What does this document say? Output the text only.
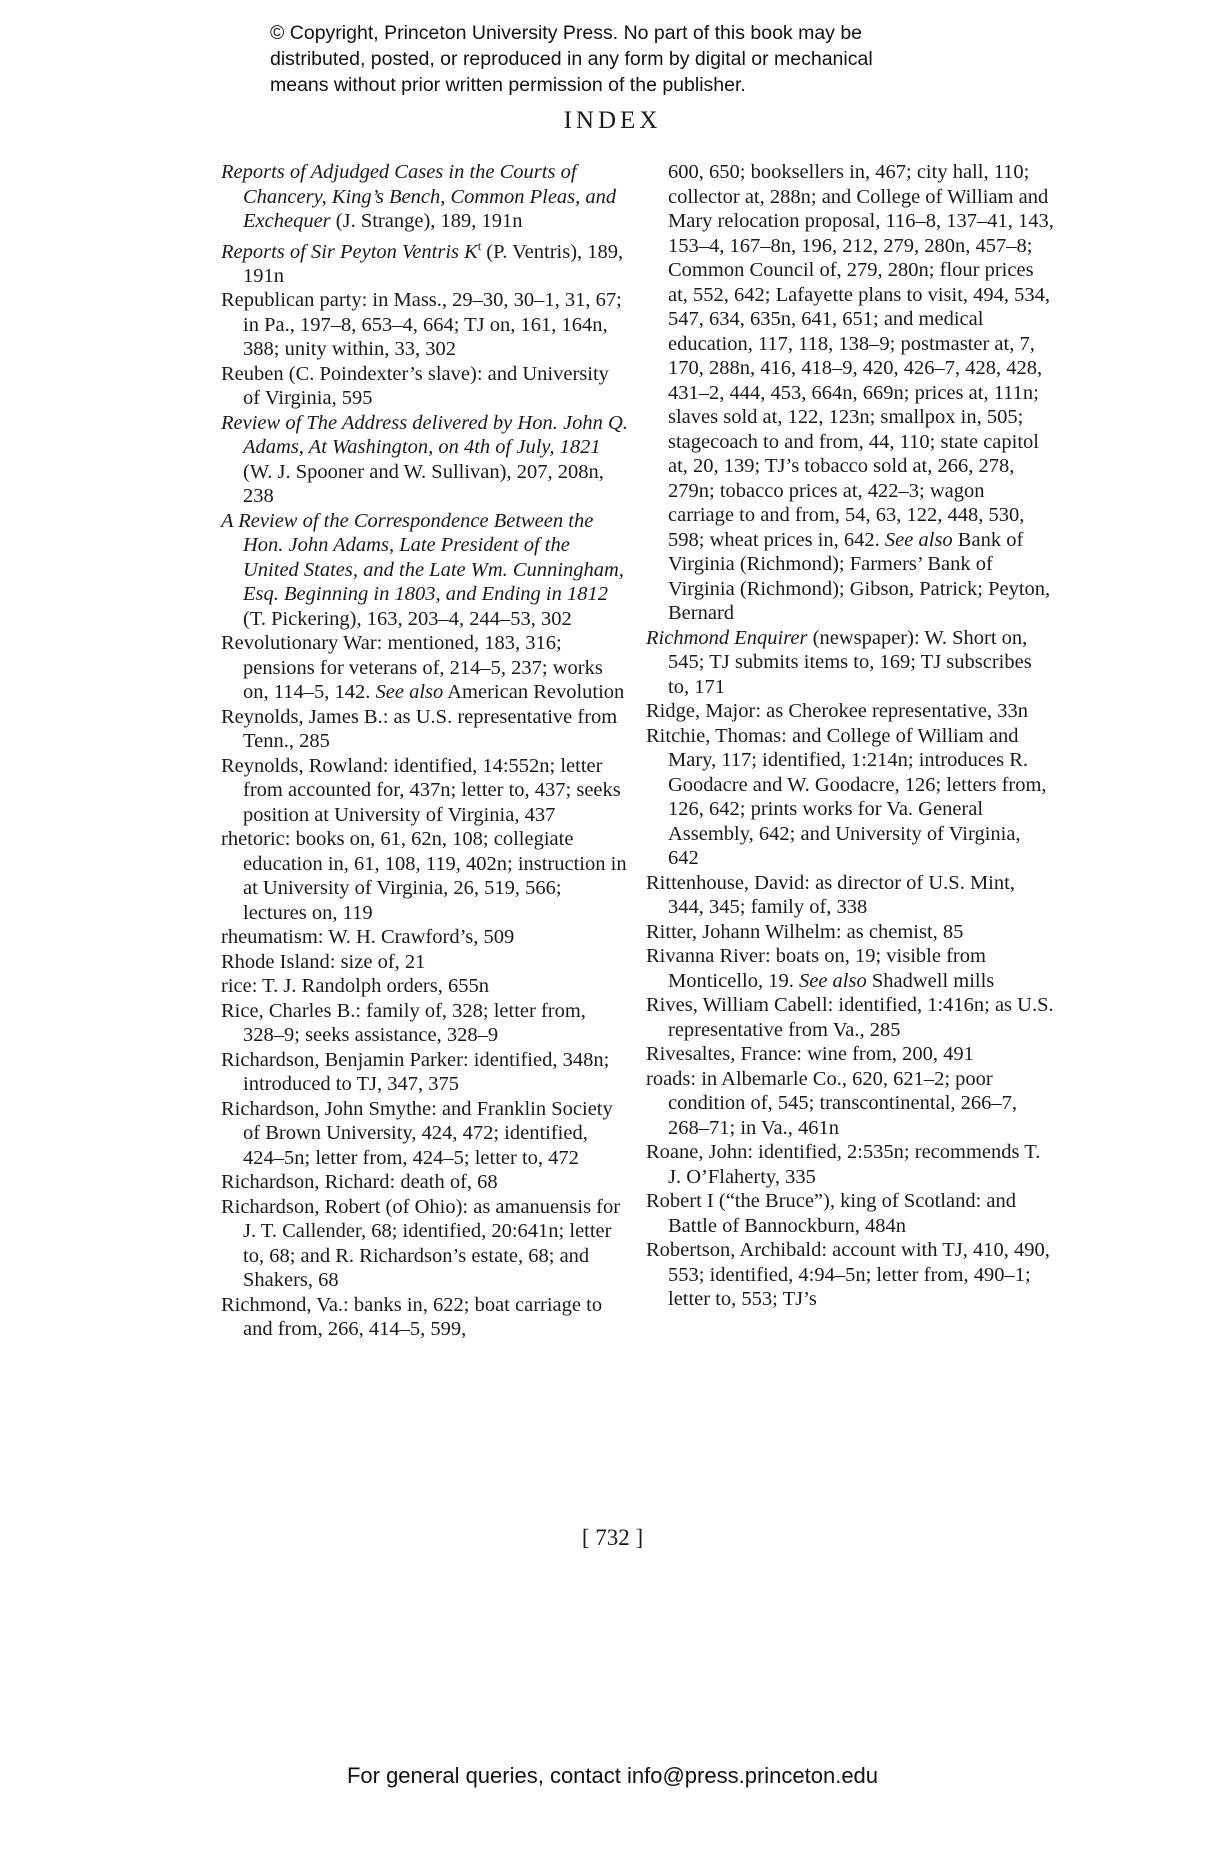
© Copyright, Princeton University Press. No part of this book may be
distributed, posted, or reproduced in any form by digital or mechanical
means without prior written permission of the publisher.
INDEX
Reports of Adjudged Cases in the Courts of Chancery, King’s Bench, Common Pleas, and Exchequer (J. Strange), 189, 191n
Reports of Sir Peyton Ventris $K^t$ (P. Ventris), 189, 191n
Republican party: in Mass., 29–30, 30–1, 31, 67; in Pa., 197–8, 653–4, 664; TJ on, 161, 164n, 388; unity within, 33, 302
Reuben (C. Poindexter’s slave): and University of Virginia, 595
Review of The Address delivered by Hon. John Q. Adams, At Washington, on 4th of July, 1821 (W. J. Spooner and W. Sullivan), 207, 208n, 238
A Review of the Correspondence Between the Hon. John Adams, Late President of the United States, and the Late Wm. Cunningham, Esq. Beginning in 1803, and Ending in 1812 (T. Pickering), 163, 203–4, 244–53, 302
Revolutionary War: mentioned, 183, 316; pensions for veterans of, 214–5, 237; works on, 114–5, 142. See also American Revolution
Reynolds, James B.: as U.S. representative from Tenn., 285
Reynolds, Rowland: identified, 14:552n; letter from accounted for, 437n; letter to, 437; seeks position at University of Virginia, 437
rhetoric: books on, 61, 62n, 108; collegiate education in, 61, 108, 119, 402n; instruction in at University of Virginia, 26, 519, 566; lectures on, 119
rheumatism: W. H. Crawford’s, 509
Rhode Island: size of, 21
rice: T. J. Randolph orders, 655n
Rice, Charles B.: family of, 328; letter from, 328–9; seeks assistance, 328–9
Richardson, Benjamin Parker: identified, 348n; introduced to TJ, 347, 375
Richardson, John Smythe: and Franklin Society of Brown University, 424, 472; identified, 424–5n; letter from, 424–5; letter to, 472
Richardson, Richard: death of, 68
Richardson, Robert (of Ohio): as amanuensis for J. T. Callender, 68; identified, 20:641n; letter to, 68; and R. Richardson’s estate, 68; and Shakers, 68
Richmond, Va.: banks in, 622; boat carriage to and from, 266, 414–5, 599,
600, 650; booksellers in, 467; city hall, 110; collector at, 288n; and College of William and Mary relocation proposal, 116–8, 137–41, 143, 153–4, 167–8n, 196, 212, 279, 280n, 457–8; Common Council of, 279, 280n; flour prices at, 552, 642; Lafayette plans to visit, 494, 534, 547, 634, 635n, 641, 651; and medical education, 117, 118, 138–9; postmaster at, 7, 170, 288n, 416, 418–9, 420, 426–7, 428, 428, 431–2, 444, 453, 664n, 669n; prices at, 111n; slaves sold at, 122, 123n; smallpox in, 505; stagecoach to and from, 44, 110; state capitol at, 20, 139; TJ’s tobacco sold at, 266, 278, 279n; tobacco prices at, 422–3; wagon carriage to and from, 54, 63, 122, 448, 530, 598; wheat prices in, 642. See also Bank of Virginia (Richmond); Farmers’ Bank of Virginia (Richmond); Gibson, Patrick; Peyton, Bernard
Richmond Enquirer (newspaper): W. Short on, 545; TJ submits items to, 169; TJ subscribes to, 171
Ridge, Major: as Cherokee representative, 33n
Ritchie, Thomas: and College of William and Mary, 117; identified, 1:214n; introduces R. Goodacre and W. Goodacre, 126; letters from, 126, 642; prints works for Va. General Assembly, 642; and University of Virginia, 642
Rittenhouse, David: as director of U.S. Mint, 344, 345; family of, 338
Ritter, Johann Wilhelm: as chemist, 85
Rivanna River: boats on, 19; visible from Monticello, 19. See also Shadwell mills
Rives, William Cabell: identified, 1:416n; as U.S. representative from Va., 285
Rivesaltes, France: wine from, 200, 491
roads: in Albemarle Co., 620, 621–2; poor condition of, 545; transcontinental, 266–7, 268–71; in Va., 461n
Roane, John: identified, 2:535n; recommends T. J. O’Flaherty, 335
Robert I (“the Bruce”), king of Scotland: and Battle of Bannockburn, 484n
Robertson, Archibald: account with TJ, 410, 490, 553; identified, 4:94–5n; letter from, 490–1; letter to, 553; TJ’s
[ 732 ]
For general queries, contact info@press.princeton.edu
